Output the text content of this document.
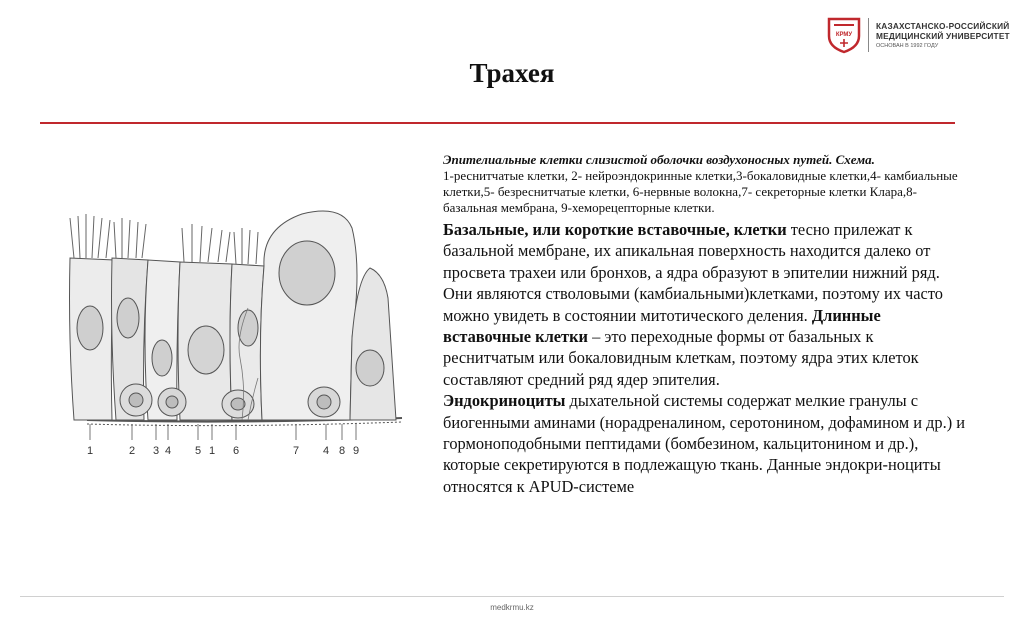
КРМУ
КАЗАХСТАНСКО-РОССИЙСКИЙ
МЕДИЦИНСКИЙ УНИВЕРСИТЕТ
ОСНОВАН В 1992 ГОДУ
Трахея
1	2 3 4 5 1 6	7 4 8 9
Эпителиальные клетки слизистой оболочки воздухоносных путей. Схема.
1-реснитчатые клетки, 2- нейроэндокринные клетки,3-бокаловидные клетки,4- камбиальные клетки,5- безреснитчатые клетки, 6-нервные волокна,7- секреторные клетки Клара,8- базальная мембрана, 9-хеморецепторные клетки.
Базальные, или короткие вставочные, клетки тесно прилежат к базальной мембране, их апикальная поверхность находится далеко от просвета трахеи или бронхов, а ядра образуют в эпителии нижний ряд. Они являются стволовыми (камбиальными)клетками, поэтому их часто можно увидеть в состоянии митотического деления. Длинные вставочные клетки – это переходные формы от базальных к реснитчатым или бокаловидным клеткам, поэтому ядра этих клеток составляют средний ряд ядер эпителия.
Эндокриноциты дыхательной системы содержат мелкие гранулы с биогенными аминами (норадреналином, серотонином, дофамином и др.) и гормоноподобными пептидами (бомбезином, кальцитонином и др.), которые секретируются в подлежащую ткань. Данные эндокри-ноциты относятся к APUD-системе
medkrmu.kz
